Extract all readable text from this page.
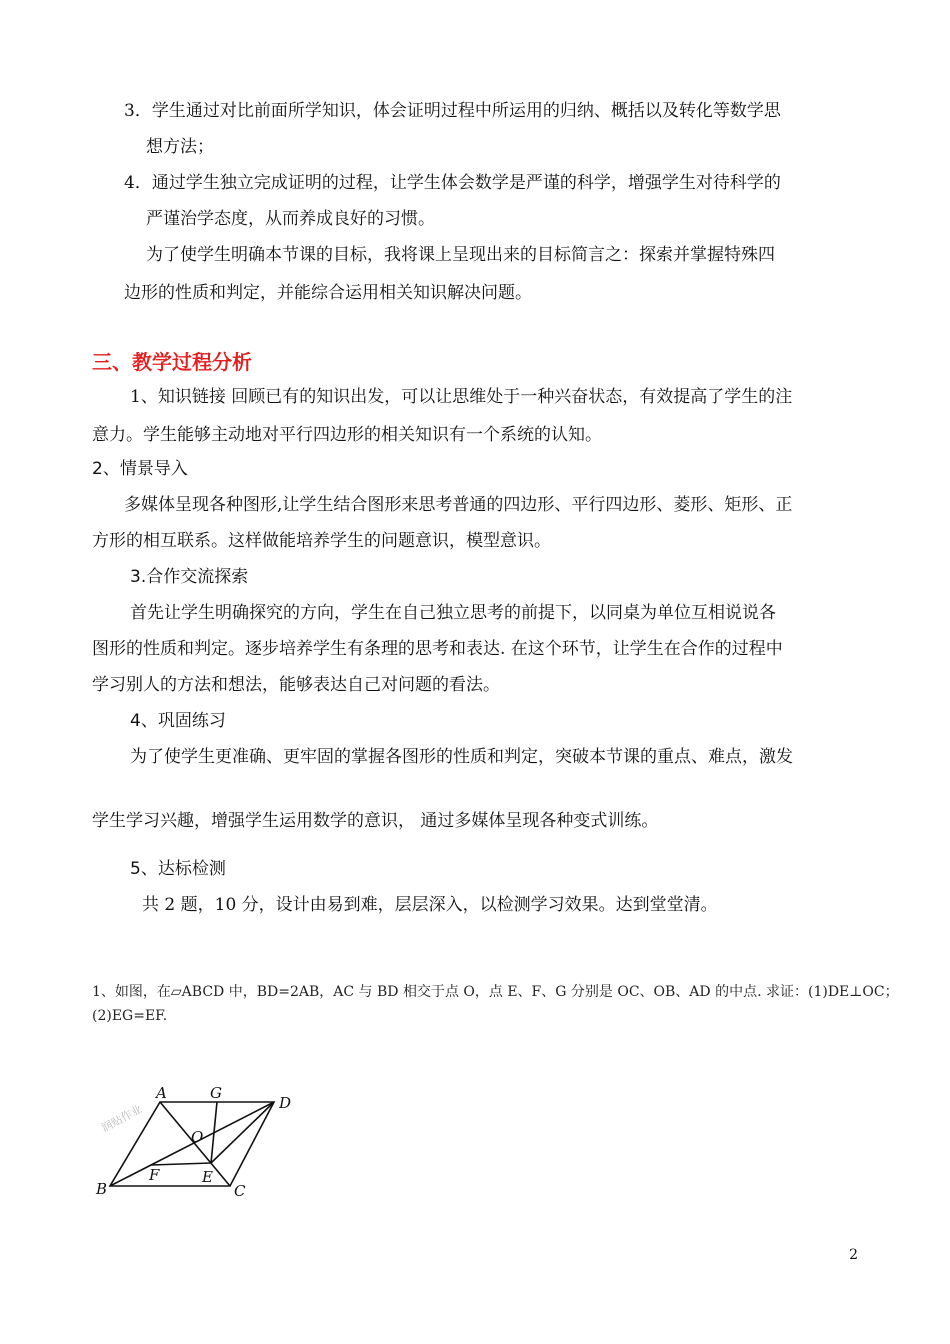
3．学生通过对比前面所学知识，体会证明过程中所运用的归纳、概括以及转化等数学思
想方法；
4．通过学生独立完成证明的过程，让学生体会数学是严谨的科学，增强学生对待科学的
严谨治学态度，从而养成良好的习惯。
为了使学生明确本节课的目标，我将课上呈现出来的目标简言之：探索并掌握特殊四
边形的性质和判定，并能综合运用相关知识解决问题。
三、教学过程分析
1、知识链接 回顾已有的知识出发，可以让思维处于一种兴奋状态，有效提高了学生的注
意力。学生能够主动地对平行四边形的相关知识有一个系统的认知。
2、情景导入
多媒体呈现各种图形,让学生结合图形来思考普通的四边形、平行四边形、菱形、矩形、正
方形的相互联系。这样做能培养学生的问题意识，模型意识。
3.合作交流探索
首先让学生明确探究的方向，学生在自己独立思考的前提下，以同桌为单位互相说说各
图形的性质和判定。逐步培养学生有条理的思考和表达. 在这个环节，让学生在合作的过程中
学习别人的方法和想法，能够表达自己对问题的看法。
4、巩固练习
为了使学生更准确、更牢固的掌握各图形的性质和判定，突破本节课的重点、难点，激发
学生学习兴趣，增强学生运用数学的意识， 通过多媒体呈现各种变式训练。
5、达标检测
共 2 题，10 分，设计由易到难，层层深入，以检测学习效果。达到堂堂清。
1、如图，在▱ABCD 中，BD=2AB，AC 与 BD 相交于点 O，点 E、F、G 分别是 OC、OB、AD 的中点. 求证：(1)DE⊥OC；
(2)EG=EF.
润贴作业
A	G
D
O
F	E
B	C
2
